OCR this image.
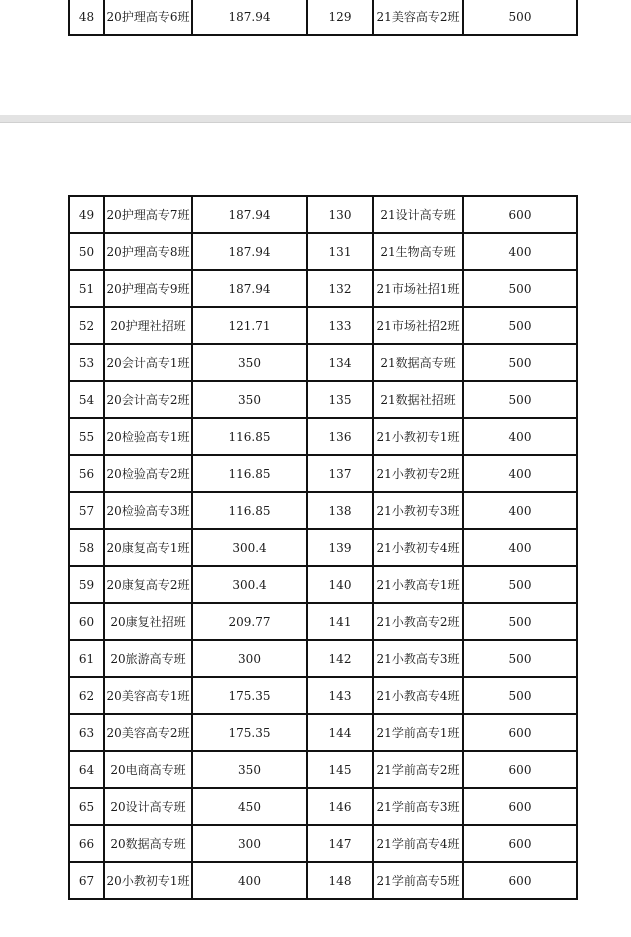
48	20护理高专6班	187.94	129	21美容高专2班	500
49	20护理高专7班	187.94	130	21设计高专班	600
50	20护理高专8班	187.94	131	21生物高专班	400
51	20护理高专9班	187.94	132	21市场社招1班	500
52	20护理社招班	121.71	133	21市场社招2班	500
53	20会计高专1班	350	134	21数据高专班	500
54	20会计高专2班	350	135	21数据社招班	500
55	20检验高专1班	116.85	136	21小教初专1班	400
56	20检验高专2班	116.85	137	21小教初专2班	400
57	20检验高专3班	116.85	138	21小教初专3班	400
58	20康复高专1班	300.4	139	21小教初专4班	400
59	20康复高专2班	300.4	140	21小教高专1班	500
60	20康复社招班	209.77	141	21小教高专2班	500
61	20旅游高专班	300	142	21小教高专3班	500
62	20美容高专1班	175.35	143	21小教高专4班	500
63	20美容高专2班	175.35	144	21学前高专1班	600
64	20电商高专班	350	145	21学前高专2班	600
65	20设计高专班	450	146	21学前高专3班	600
66	20数据高专班	300	147	21学前高专4班	600
67	20小教初专1班	400	148	21学前高专5班	600
